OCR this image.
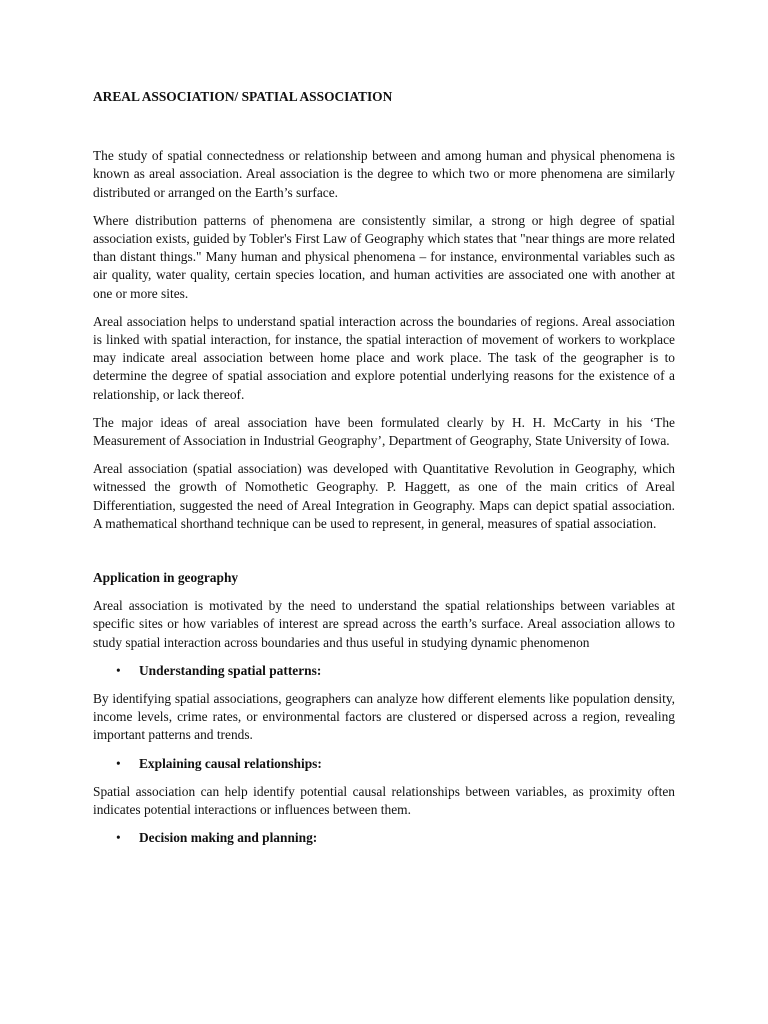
AREAL ASSOCIATION/ SPATIAL ASSOCIATION

The study of spatial connectedness or relationship between and among human and physical phenomena is known as areal association. Areal association is the degree to which two or more phenomena are similarly distributed or arranged on the Earth’s surface.

Where distribution patterns of phenomena are consistently similar, a strong or high degree of spatial association exists, guided by Tobler's First Law of Geography which states that "near things are more related than distant things." Many human and physical phenomena – for instance, environmental variables such as air quality, water quality, certain species location, and human activities are associated one with another at one or more sites.

Areal association helps to understand spatial interaction across the boundaries of regions. Areal association is linked with spatial interaction, for instance, the spatial interaction of movement of workers to workplace may indicate areal association between home place and work place. The task of the geographer is to determine the degree of spatial association and explore potential underlying reasons for the existence of a relationship, or lack thereof.

The major ideas of areal association have been formulated clearly by H. H. McCarty in his ‘The Measurement of Association in Industrial Geography’, Department of Geography, State University of Iowa.

Areal association (spatial association) was developed with Quantitative Revolution in Geography, which witnessed the growth of Nomothetic Geography. P. Haggett, as one of the main critics of Areal Differentiation, suggested the need of Areal Integration in Geography. Maps can depict spatial association. A mathematical shorthand technique can be used to represent, in general, measures of spatial association.

Application in geography

Areal association is motivated by the need to understand the spatial relationships between variables at specific sites or how variables of interest are spread across the earth’s surface. Areal association allows to study spatial interaction across boundaries and thus useful in studying dynamic phenomenon

• Understanding spatial patterns:

By identifying spatial associations, geographers can analyze how different elements like population density, income levels, crime rates, or environmental factors are clustered or dispersed across a region, revealing important patterns and trends.

• Explaining causal relationships:

Spatial association can help identify potential causal relationships between variables, as proximity often indicates potential interactions or influences between them.

• Decision making and planning:
